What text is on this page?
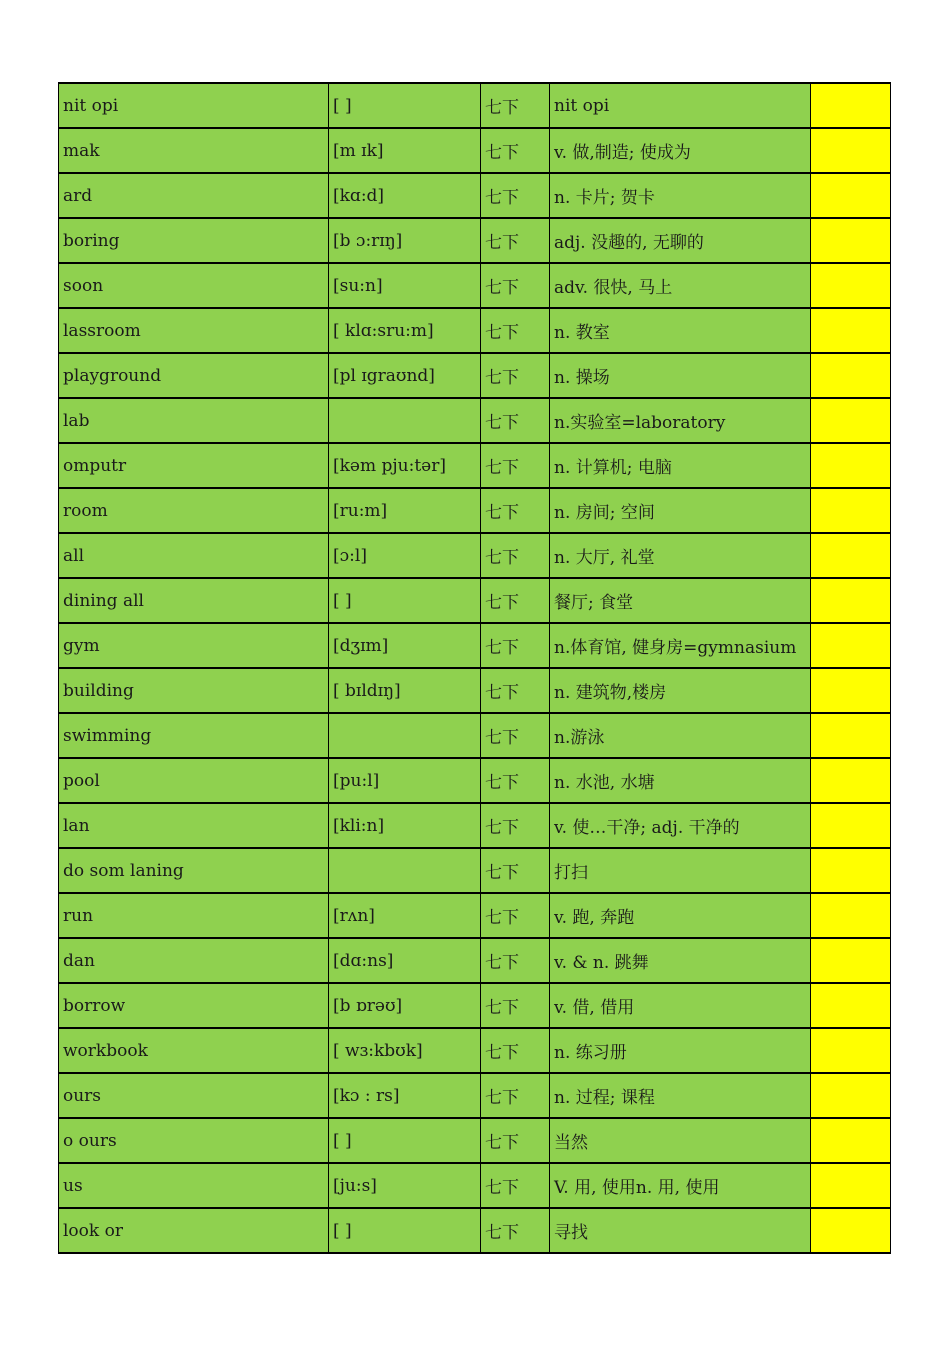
nit opi	[ ]	七下	nit opi	
mak	[m ɪk]	七下	v. 做,制造; 使成为	
ard	[kɑ:d]	七下	n. 卡片; 贺卡	
boring	[b ɔ:rɪŋ]	七下	adj. 没趣的, 无聊的	
soon	[su:n]	七下	adv. 很快, 马上	
lassroom	[ klɑ:sru:m]	七下	n. 教室	
playground	[pl ɪgraʊnd]	七下	n. 操场	
lab		七下	n.实验室=laboratory	
omputr	[kəm pju:tər]	七下	n. 计算机; 电脑	
room	[ru:m]	七下	n. 房间; 空间	
all	[ɔ:l]	七下	n. 大厅, 礼堂	
dining all	[ ]	七下	餐厅; 食堂	
gym	[dʒɪm]	七下	n.体育馆, 健身房=gymnasium	
building	[ bɪldɪŋ]	七下	n. 建筑物,楼房	
swimming		七下	n.游泳	
pool	[pu:l]	七下	n. 水池, 水塘	
lan	[kli:n]	七下	v. 使…干净; adj. 干净的	
do som laning		七下	打扫	
run	[rʌn]	七下	v. 跑, 奔跑	
dan	[dɑ:ns]	七下	v. & n. 跳舞	
borrow	[b ɒrəʊ]	七下	v. 借, 借用	
workbook	[ wɜ:kbʊk]	七下	n. 练习册	
ours	[kɔ : rs]	七下	n. 过程; 课程	
o ours	[ ]	七下	当然	
us	[ju:s]	七下	V. 用, 使用n. 用, 使用	
look or	[ ]	七下	寻找	
